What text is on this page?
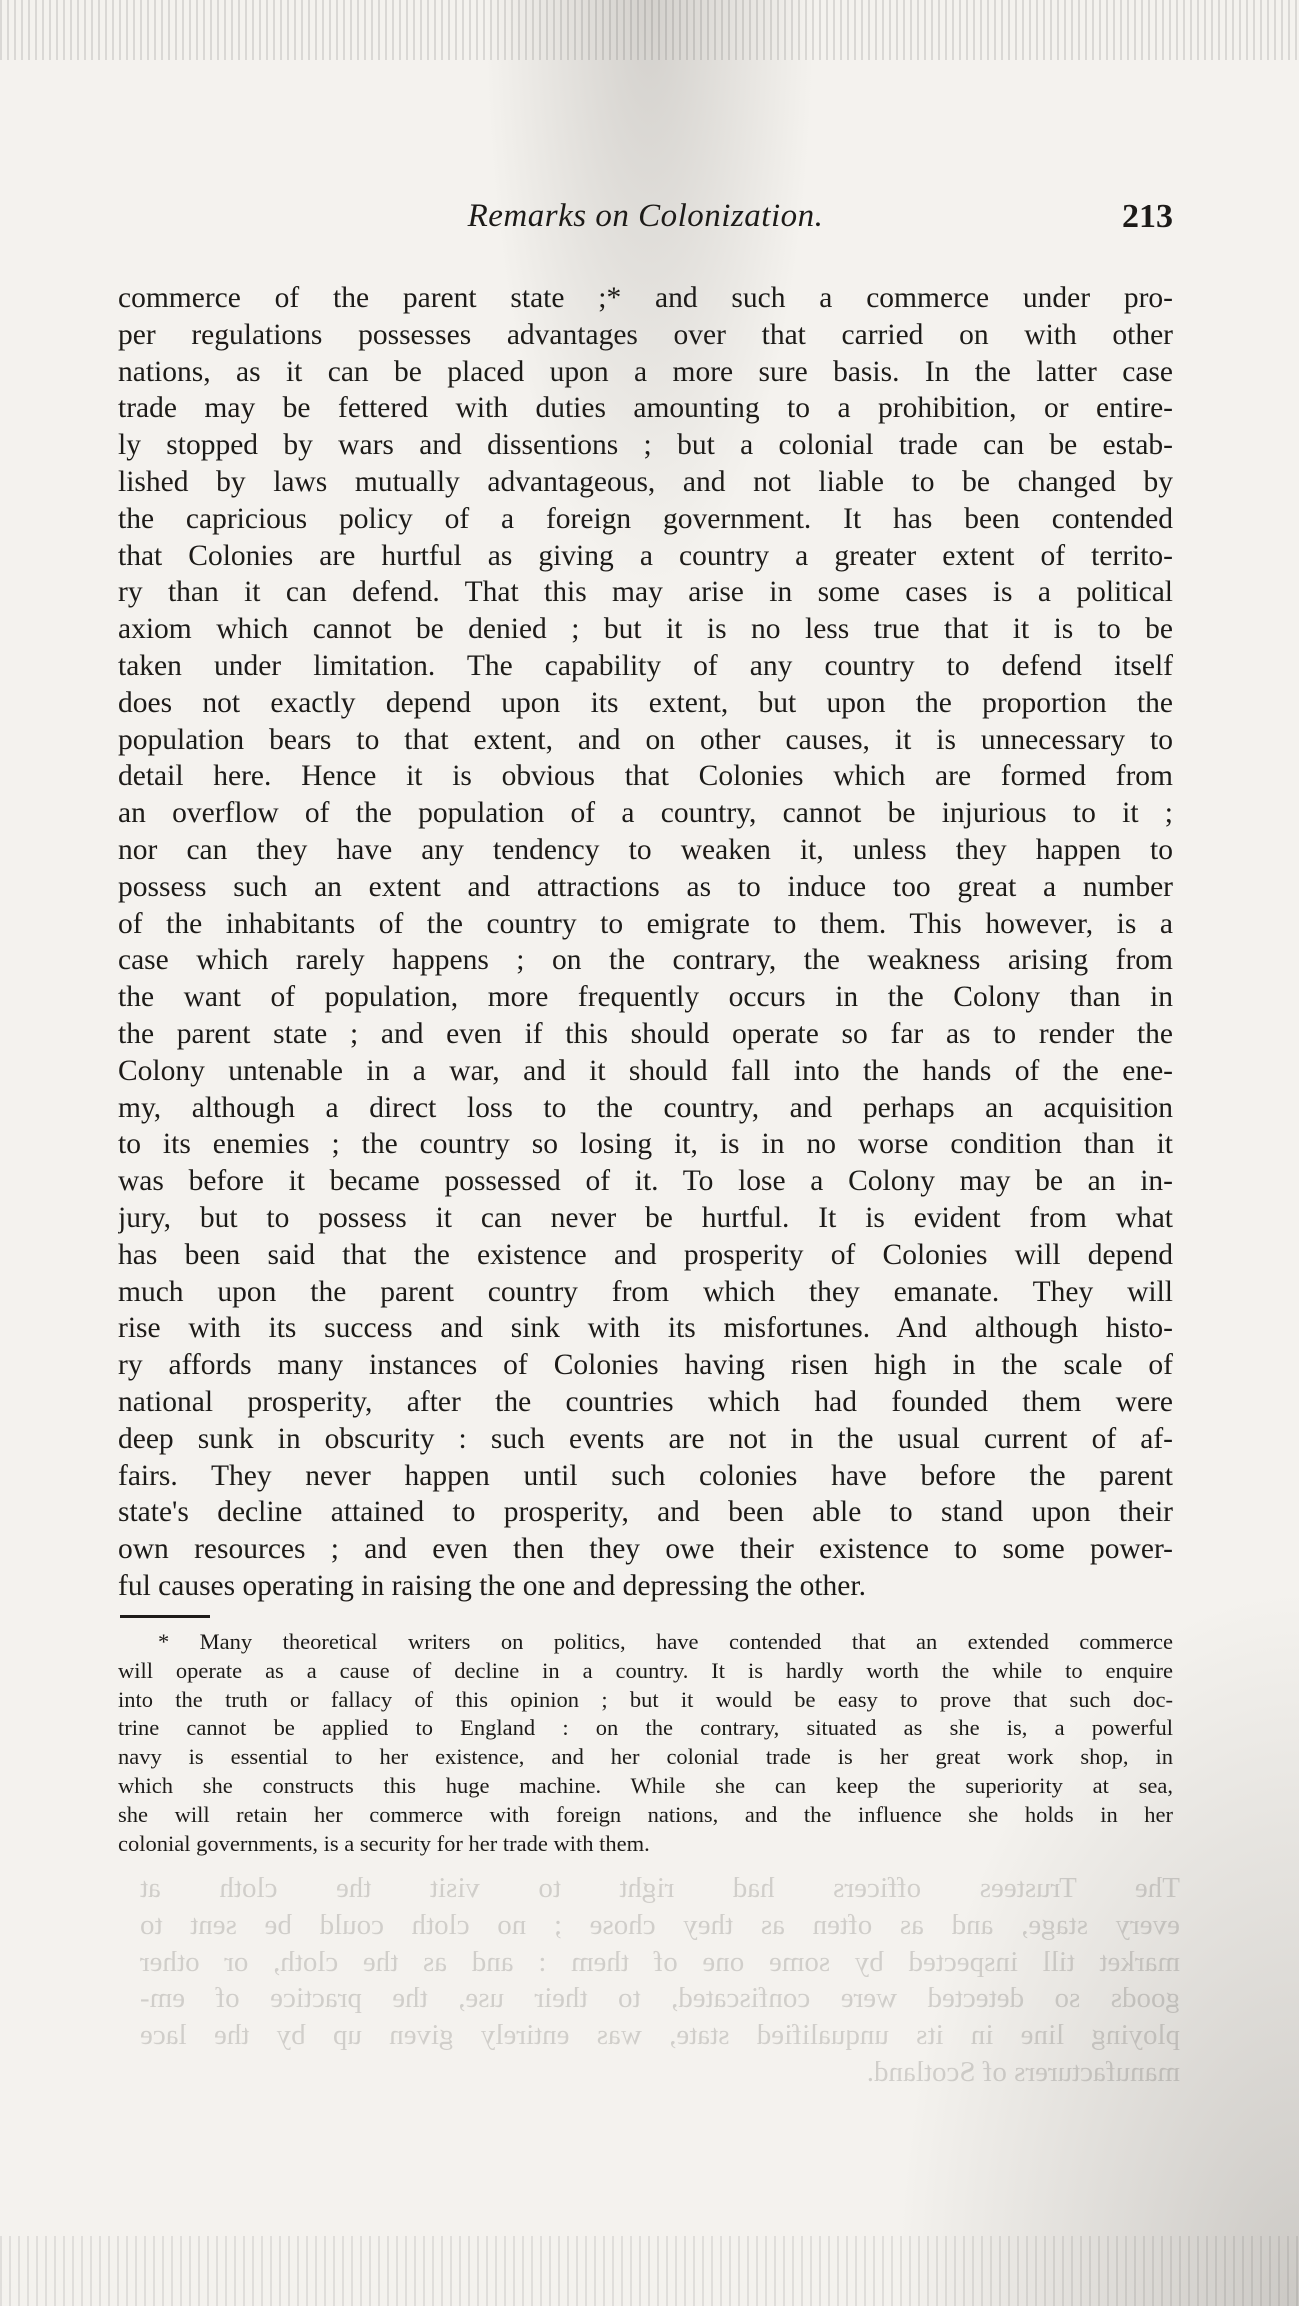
Remarks on Colonization.	213
commerce of the parent state ;* and such a commerce under pro-
per regulations possesses advantages over that carried on with other
nations, as it can be placed upon a more sure basis. In the latter case
trade may be fettered with duties amounting to a prohibition, or entire-
ly stopped by wars and dissentions ; but a colonial trade can be estab-
lished by laws mutually advantageous, and not liable to be changed by
the capricious policy of a foreign government. It has been contended
that Colonies are hurtful as giving a country a greater extent of territo-
ry than it can defend. That this may arise in some cases is a political
axiom which cannot be denied ; but it is no less true that it is to be
taken under limitation. The capability of any country to defend itself
does not exactly depend upon its extent, but upon the proportion the
population bears to that extent, and on other causes, it is unnecessary to
detail here. Hence it is obvious that Colonies which are formed from
an overflow of the population of a country, cannot be injurious to it ;
nor can they have any tendency to weaken it, unless they happen to
possess such an extent and attractions as to induce too great a number
of the inhabitants of the country to emigrate to them. This however, is a
case which rarely happens ; on the contrary, the weakness arising from
the want of population, more frequently occurs in the Colony than in
the parent state ; and even if this should operate so far as to render the
Colony untenable in a war, and it should fall into the hands of the ene-
my, although a direct loss to the country, and perhaps an acquisition
to its enemies ; the country so losing it, is in no worse condition than it
was before it became possessed of it. To lose a Colony may be an in-
jury, but to possess it can never be hurtful. It is evident from what
has been said that the existence and prosperity of Colonies will depend
much upon the parent country from which they emanate. They will
rise with its success and sink with its misfortunes. And although histo-
ry affords many instances of Colonies having risen high in the scale of
national prosperity, after the countries which had founded them were
deep sunk in obscurity : such events are not in the usual current of af-
fairs. They never happen until such colonies have before the parent
state's decline attained to prosperity, and been able to stand upon their
own resources ; and even then they owe their existence to some power-
ful causes operating in raising the one and depressing the other.
* Many theoretical writers on politics, have contended that an extended commerce
will operate as a cause of decline in a country. It is hardly worth the while to enquire
into the truth or fallacy of this opinion ; but it would be easy to prove that such doc-
trine cannot be applied to England : on the contrary, situated as she is, a powerful
navy is essential to her existence, and her colonial trade is her great work shop, in
which she constructs this huge machine. While she can keep the superiority at sea,
she will retain her commerce with foreign nations, and the influence she holds in her
colonial governments, is a security for her trade with them.
The Trustees officers had right to visit the cloth at
every stage, and as often as they chose ; no cloth could be sent to
market till inspected by some one of them : and as the cloth, or other
goods so detected were confiscated, to their use, the practice of em-
ploying line in its unqualified state, was entirely given up by the lace
manufacturers of Scotland.
